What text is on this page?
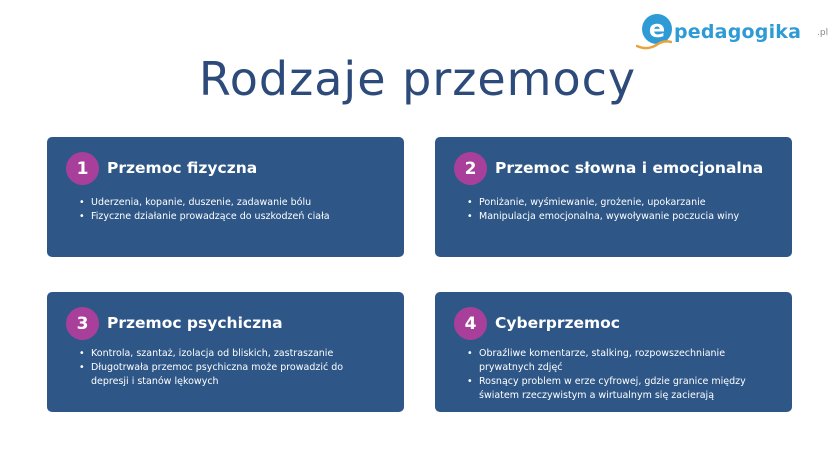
e pedagogika .pl
Rodzaje przemocy
1	Przemoc fizyczna
• Uderzenia, kopanie, duszenie, zadawanie bólu
• Fizyczne działanie prowadzące do uszkodzeń ciała
2	Przemoc słowna i emocjonalna
• Poniżanie, wyśmiewanie, grożenie, upokarzanie
• Manipulacja emocjonalna, wywoływanie poczucia winy
3	Przemoc psychiczna
• Kontrola, szantaż, izolacja od bliskich, zastraszanie
• Długotrwała przemoc psychiczna może prowadzić do depresji i stanów lękowych
4	Cyberprzemoc
• Obraźliwe komentarze, stalking, rozpowszechnianie prywatnych zdjęć
• Rosnący problem w erze cyfrowej, gdzie granice między światem rzeczywistym a wirtualnym się zacierają
